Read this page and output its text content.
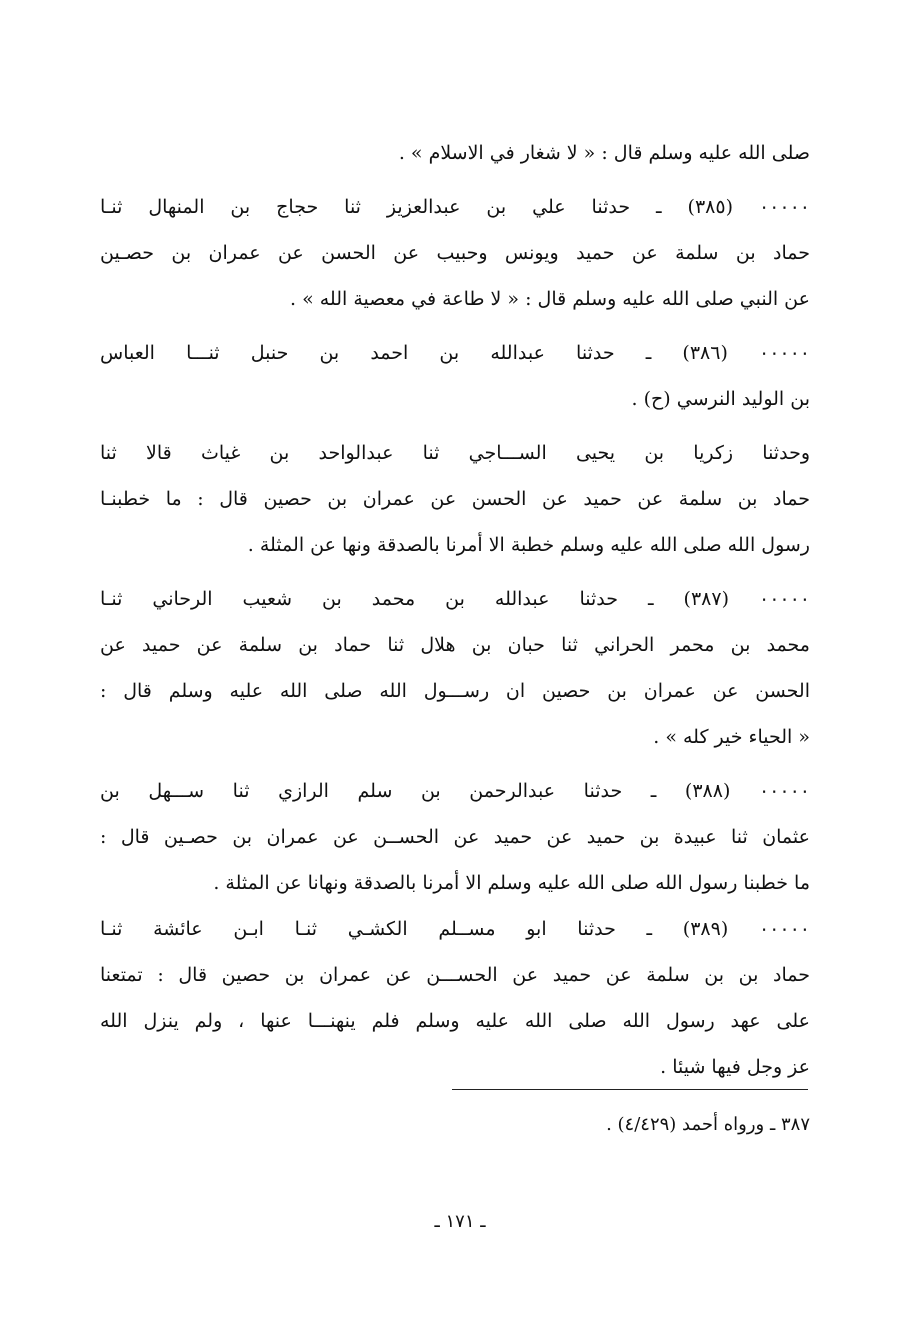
صلى الله عليه وسلم قال : « لا شغار في الاسلام » .
٠٠٠٠٠ (٣٨٥) ـ حدثنا علي بن عبدالعزيز ثنا حجاج بن المنهال ثنـا
حماد بن سلمة عن حميد ويونس وحبيب عن الحسن عن عمران بن حصـين
عن النبي صلى الله عليه وسلم قال : « لا طاعة في معصية الله » .
٠٠٠٠٠ (٣٨٦) ـ حدثنا عبدالله بن احمد بن حنبل ثنـــا العباس
بن الوليد النرسي (ح) .
وحدثنا زكريا بن يحيى الســـاجي ثنا عبدالواحد بن غياث قالا ثنا
حماد بن سلمة عن حميد عن الحسن عن عمران بن حصين قال : ما خطبنـا
رسول الله صلى الله عليه وسلم خطبة الا أمرنا بالصدقة ونها عن المثلة .
٠٠٠٠٠ (٣٨٧) ـ حدثنا عبدالله بن محمد بن شعيب الرحاني ثنـا
محمد بن محمر الحراني ثنا حبان بن هلال ثنا حماد بن سلمة عن حميد عن
الحسن عن عمران بن حصين ان رســـول الله صلى الله عليه وسلم قال :
« الحياء خير كله » .
٠٠٠٠٠ (٣٨٨) ـ حدثنا عبدالرحمن بن سلم الرازي ثنا ســـهل بن
عثمان ثنا عبيدة بن حميد عن حميد عن الحســن عن عمران بن حصـين قال :
ما خطبنا رسول الله صلى الله عليه وسلم الا أمرنا بالصدقة ونهانا عن المثلة .
٠٠٠٠٠ (٣٨٩) ـ حدثنا ابو مســلم الكشـي ثنـا ابـن عائشة ثنـا
حماد بن بن سلمة عن حميد عن الحســـن عن عمران بن حصين قال : تمتعنا
على عهد رسول الله صلى الله عليه وسلم فلم ينهنـــا عنها ، ولم ينزل الله
عز وجل فيها شيئا .
٣٨٧ ـ ورواه أحمد (٤/٤٢٩) .
ـ ١٧١ ـ
